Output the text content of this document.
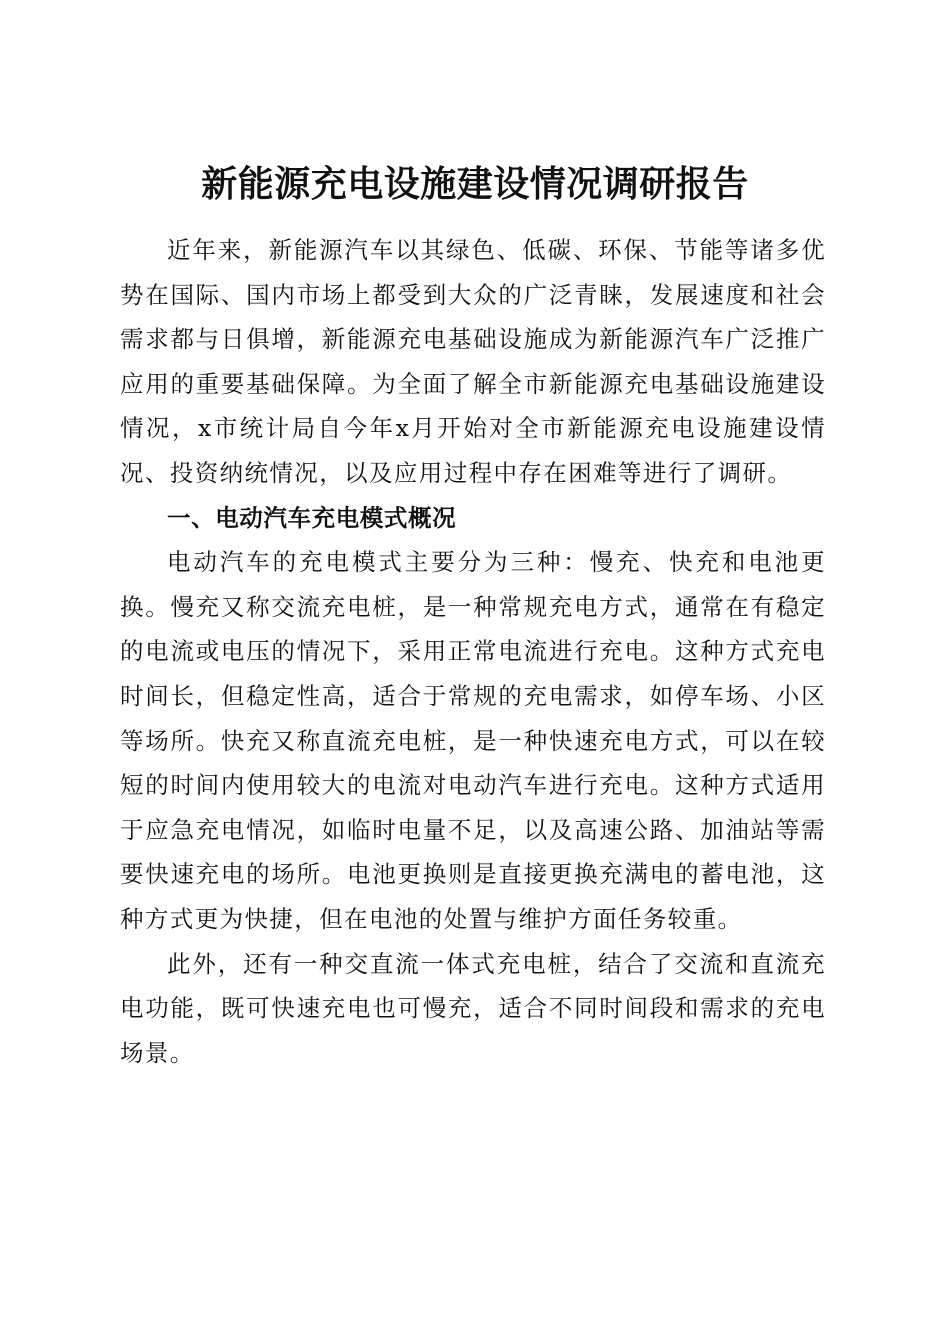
新能源充电设施建设情况调研报告

近年来，新能源汽车以其绿色、低碳、环保、节能等诸多优势在国际、国内市场上都受到大众的广泛青睐，发展速度和社会需求都与日俱增，新能源充电基础设施成为新能源汽车广泛推广应用的重要基础保障。为全面了解全市新能源充电基础设施建设情况，x市统计局自今年x月开始对全市新能源充电设施建设情况、投资纳统情况，以及应用过程中存在困难等进行了调研。

一、电动汽车充电模式概况

电动汽车的充电模式主要分为三种：慢充、快充和电池更换。慢充又称交流充电桩，是一种常规充电方式，通常在有稳定的电流或电压的情况下，采用正常电流进行充电。这种方式充电时间长，但稳定性高，适合于常规的充电需求，如停车场、小区等场所。快充又称直流充电桩，是一种快速充电方式，可以在较短的时间内使用较大的电流对电动汽车进行充电。这种方式适用于应急充电情况，如临时电量不足，以及高速公路、加油站等需要快速充电的场所。电池更换则是直接更换充满电的蓄电池，这种方式更为快捷，但在电池的处置与维护方面任务较重。

此外，还有一种交直流一体式充电桩，结合了交流和直流充电功能，既可快速充电也可慢充，适合不同时间段和需求的充电场景。
